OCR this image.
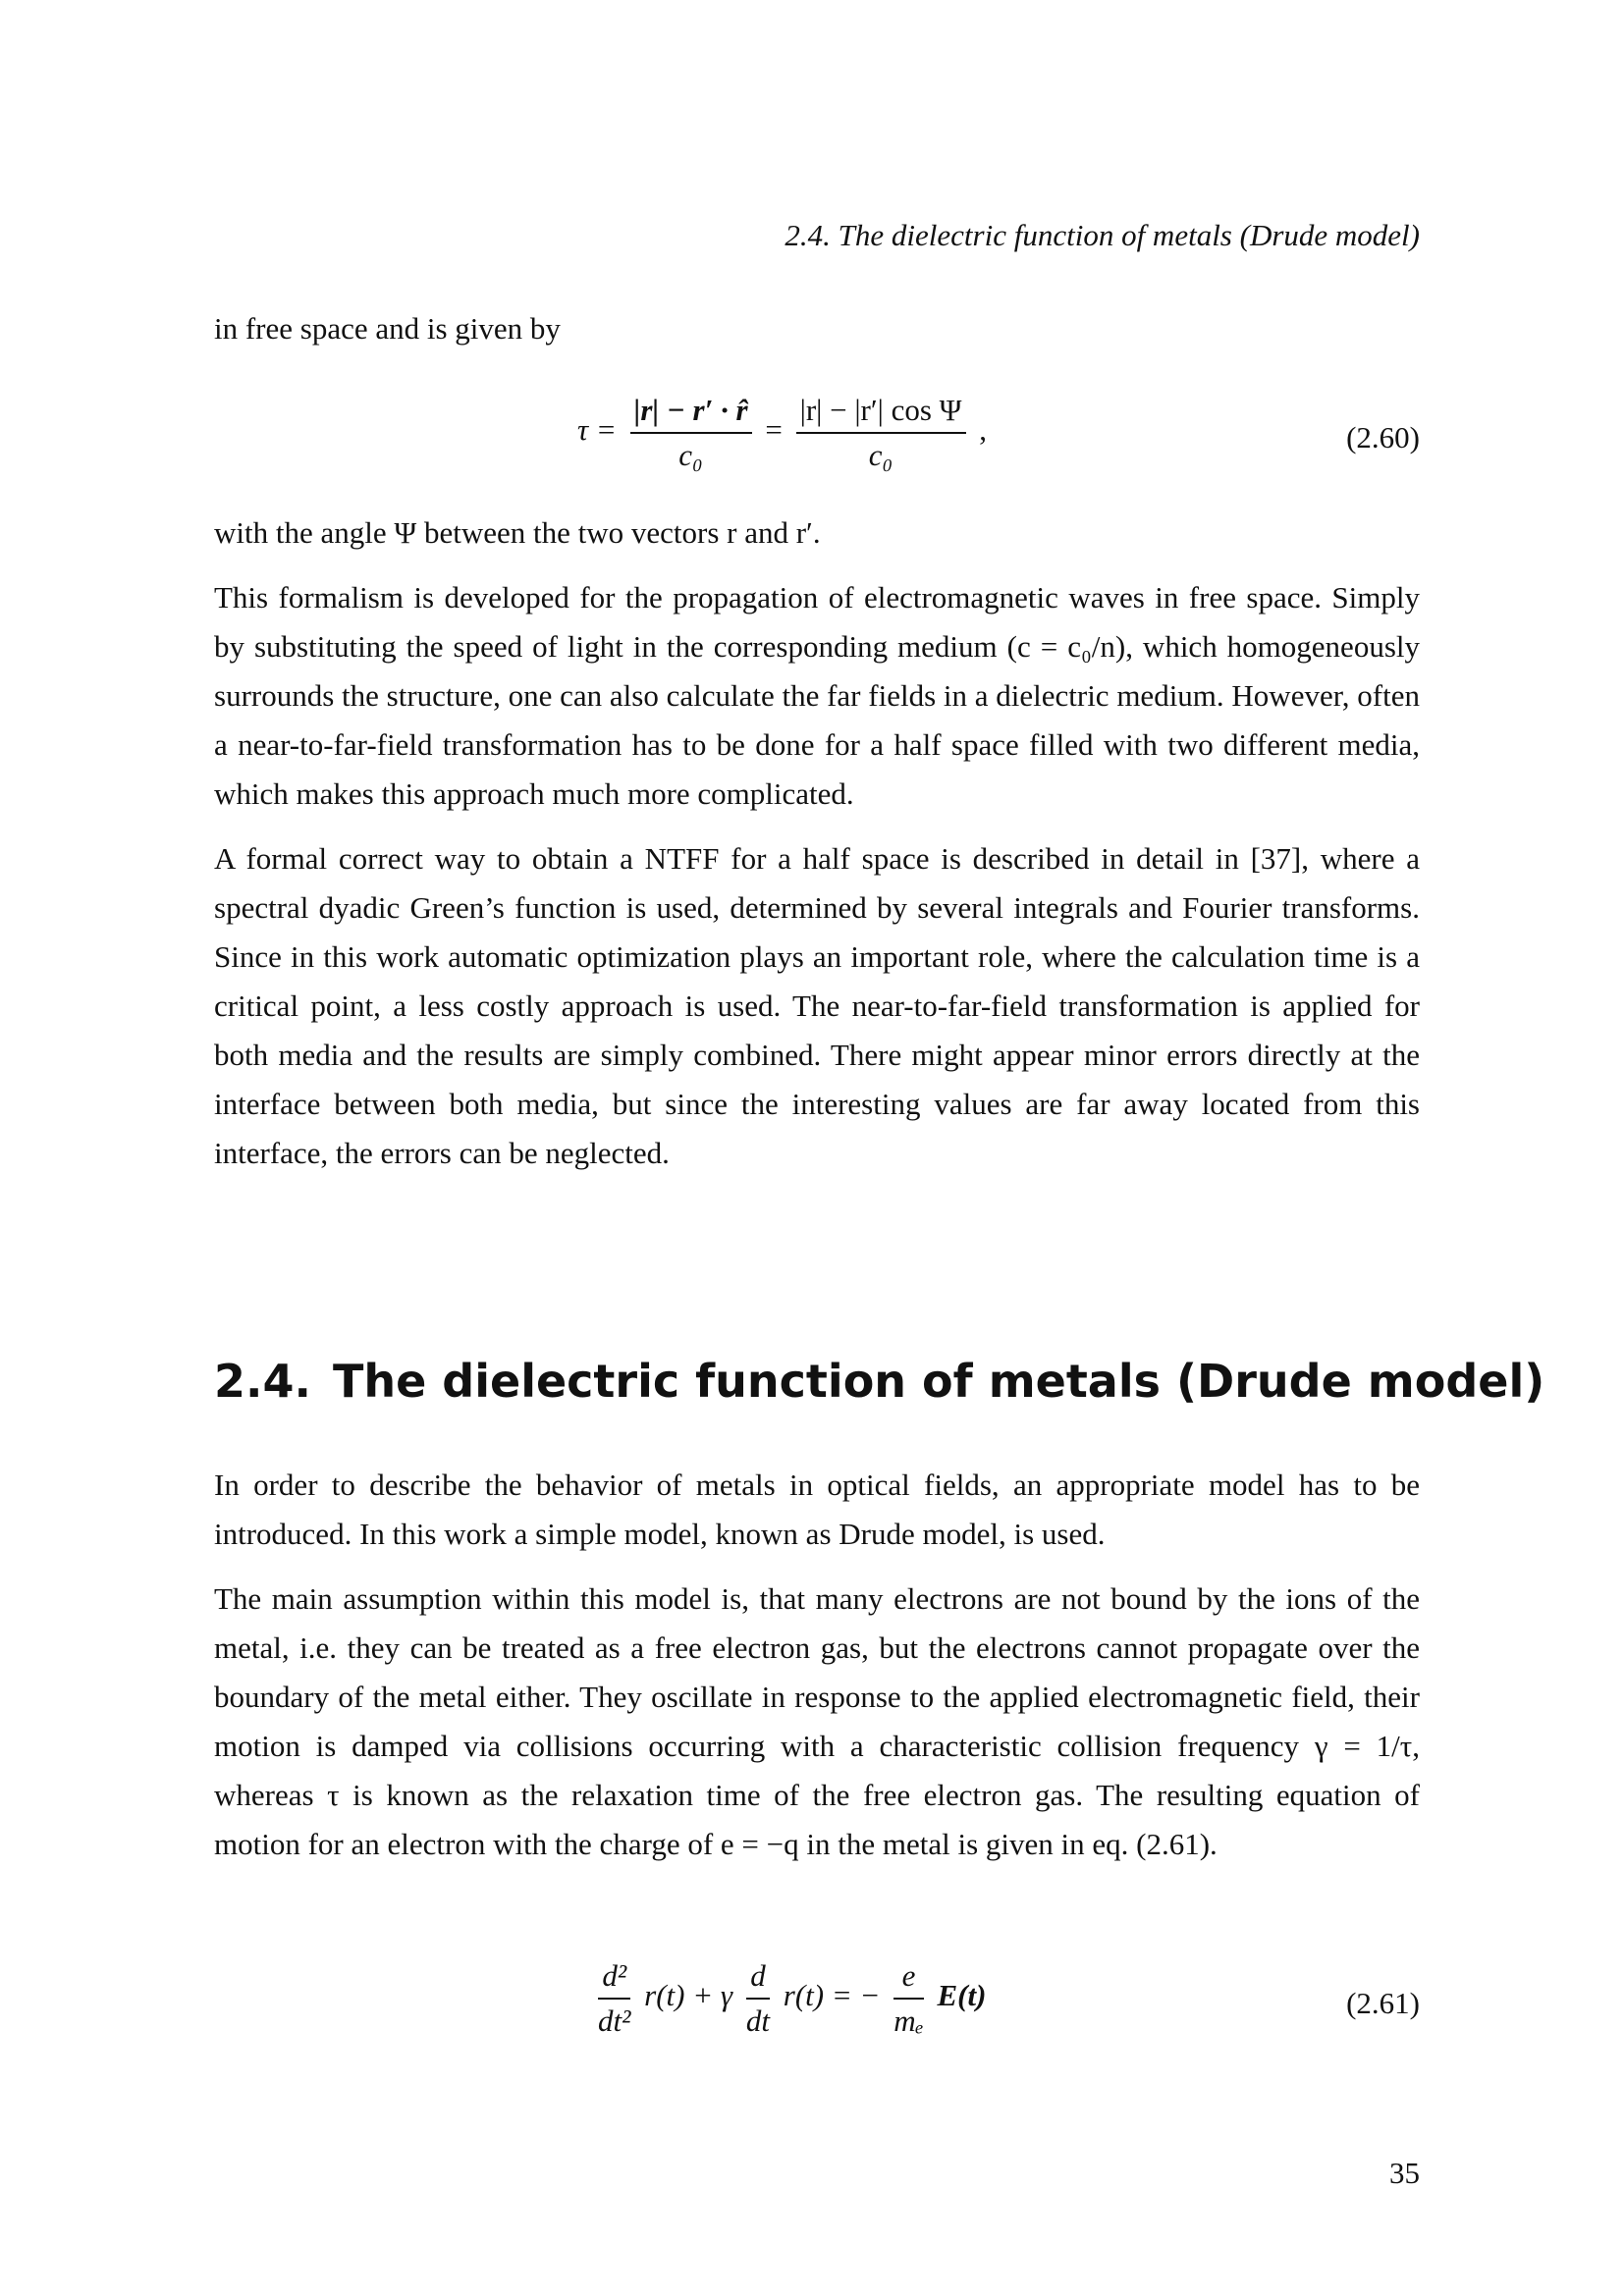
2.4. The dielectric function of metals (Drude model)

in free space and is given by

$\tau = \frac{|r| - r' \cdot r̂}{\text{c₀}} = \frac{\text{|r| − |r′| cos Ψ}}{\text{c₀}}$ ,	(2.60)

with the angle Ψ between the two vectors r and r′.

This formalism is developed for the propagation of electromagnetic waves in free space. Simply by substituting the speed of light in the corresponding medium (c = c₀/n), which homogeneously surrounds the structure, one can also calculate the far fields in a dielectric medium. However, often a near-to-far-field transformation has to be done for a half space filled with two different media, which makes this approach much more complicated.

A formal correct way to obtain a NTFF for a half space is described in detail in [37], where a spectral dyadic Green’s function is used, determined by several integrals and Fourier transforms. Since in this work automatic optimization plays an important role, where the calculation time is a critical point, a less costly approach is used. The near-to-far-field transformation is applied for both media and the results are simply combined. There might appear minor errors directly at the interface between both media, but since the interesting values are far away located from this interface, the errors can be neglected.

2.4. The dielectric function of metals (Drude model)

In order to describe the behavior of metals in optical fields, an appropriate model has to be introduced. In this work a simple model, known as Drude model, is used.

The main assumption within this model is, that many electrons are not bound by the ions of the metal, i.e. they can be treated as a free electron gas, but the electrons cannot propagate over the boundary of the metal either. They oscillate in response to the applied electromagnetic field, their motion is damped via collisions occurring with a characteristic collision frequency γ = 1/τ, whereas τ is known as the relaxation time of the free electron gas. The resulting equation of motion for an electron with the charge of e = −q in the metal is given in eq. (2.61).

$\frac{\text{d²}}{\text{dt²}} r(t) + \gamma \frac{d}{dt} r(t)$ = − $\frac{e}{\text{mₑ}} E(t)$	(2.61)
35
